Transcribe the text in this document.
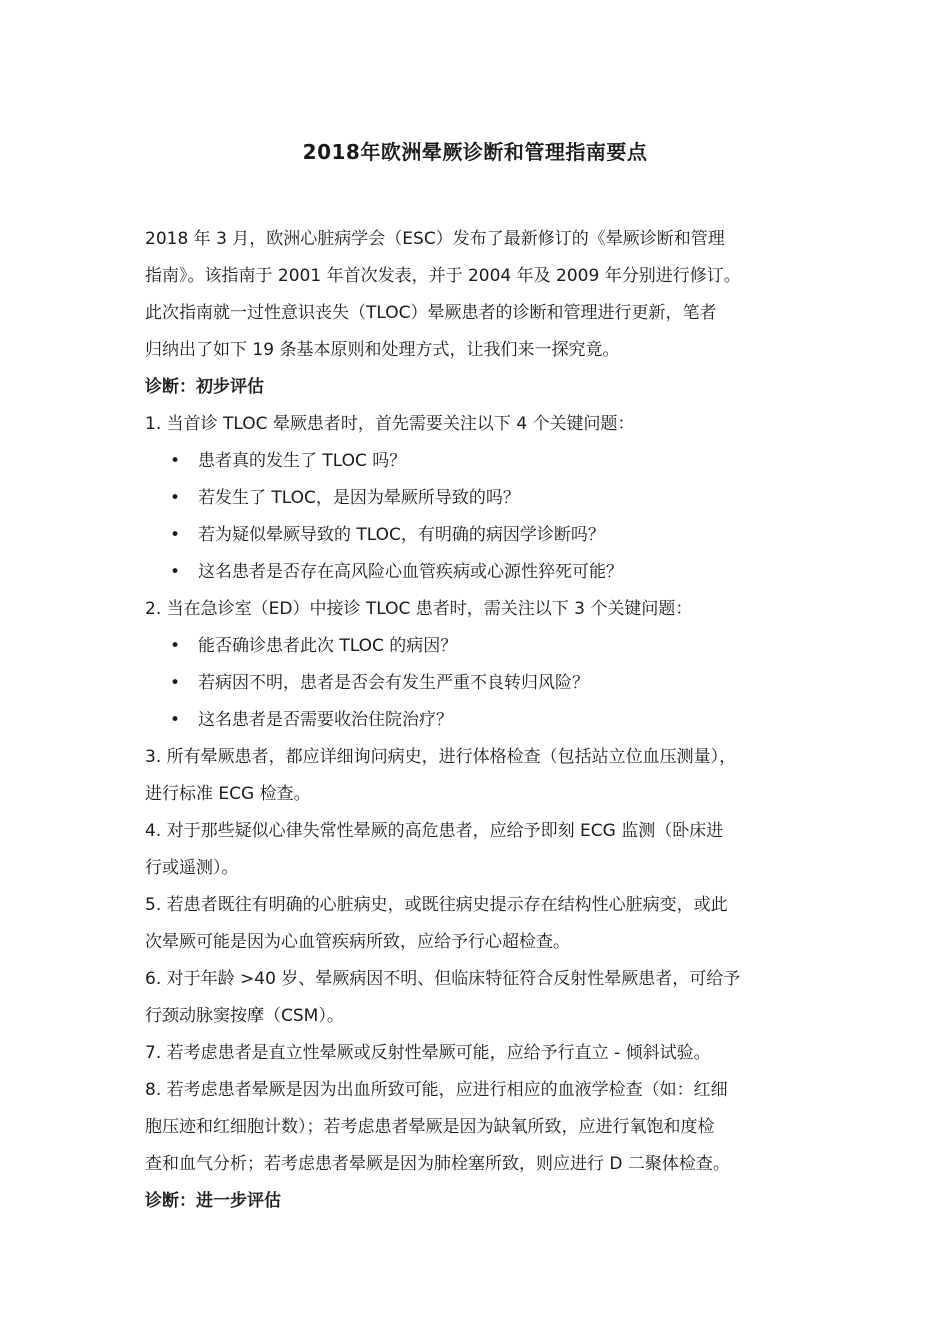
2018年欧洲晕厥诊断和管理指南要点

2018 年 3 月，欧洲心脏病学会（ESC）发布了最新修订的《晕厥诊断和管理

指南》。该指南于 2001 年首次发表，并于 2004 年及 2009 年分别进行修订。

此次指南就一过性意识丧失（TLOC）晕厥患者的诊断和管理进行更新，笔者

归纳出了如下 19 条基本原则和处理方式，让我们来一探究竟。

诊断：初步评估

1. 当首诊 TLOC 晕厥患者时，首先需要关注以下 4 个关键问题：

• 患者真的发生了 TLOC 吗？
• 若发生了 TLOC，是因为晕厥所导致的吗？
• 若为疑似晕厥导致的 TLOC，有明确的病因学诊断吗？
• 这名患者是否存在高风险心血管疾病或心源性猝死可能？

2. 当在急诊室（ED）中接诊 TLOC 患者时，需关注以下 3 个关键问题：

• 能否确诊患者此次 TLOC 的病因？
• 若病因不明，患者是否会有发生严重不良转归风险？
• 这名患者是否需要收治住院治疗？

3. 所有晕厥患者，都应详细询问病史，进行体格检查（包括站立位血压测量），

进行标准 ECG 检查。

4. 对于那些疑似心律失常性晕厥的高危患者，应给予即刻 ECG 监测（卧床进

行或遥测）。

5. 若患者既往有明确的心脏病史，或既往病史提示存在结构性心脏病变，或此

次晕厥可能是因为心血管疾病所致，应给予行心超检查。

6. 对于年龄 >40 岁、晕厥病因不明、但临床特征符合反射性晕厥患者，可给予

行颈动脉窦按摩（CSM）。

7. 若考虑患者是直立性晕厥或反射性晕厥可能，应给予行直立 - 倾斜试验。

8. 若考虑患者晕厥是因为出血所致可能，应进行相应的血液学检查（如：红细

胞压迹和红细胞计数）；若考虑患者晕厥是因为缺氧所致，应进行氧饱和度检

查和血气分析；若考虑患者晕厥是因为肺栓塞所致，则应进行 D 二聚体检查。

诊断：进一步评估
